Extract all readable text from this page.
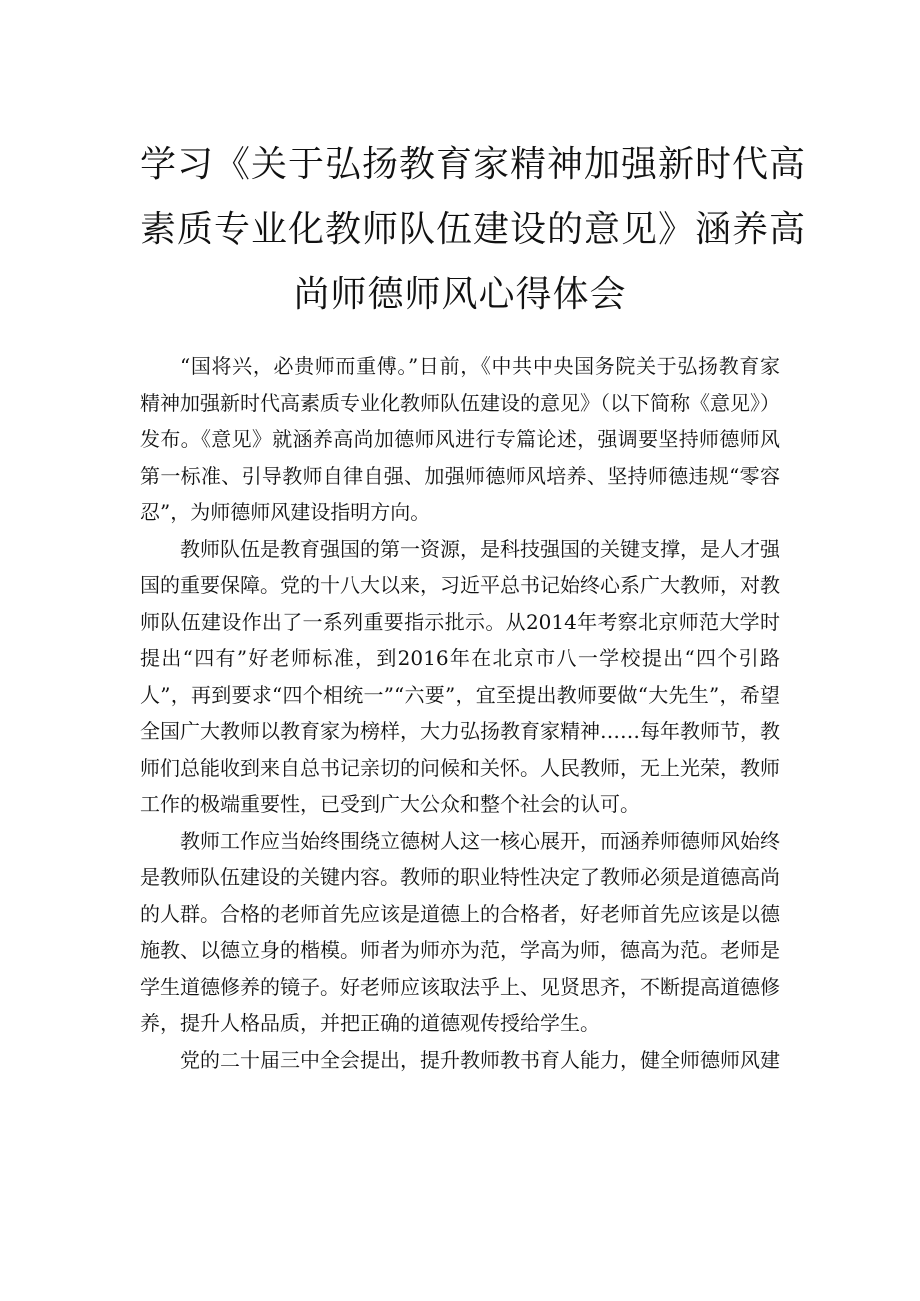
学习《关于弘扬教育家精神加强新时代高
素质专业化教师队伍建设的意见》涵养高
尚师德师风心得体会

“国将兴，必贵师而重傅。”日前，《中共中央国务院关于弘扬教育家精神加强新时代高素质专业化教师队伍建设的意见》（以下简称《意见》）发布。《意见》就涵养高尚加德师风进行专篇论述，强调要坚持师德师风第一标准、引导教师自律自强、加强师德师风培养、坚持师德违规“零容忍”，为师德师风建设指明方向。

教师队伍是教育强国的第一资源，是科技强国的关键支撑，是人才强国的重要保障。党的十八大以来，习近平总书记始终心系广大教师，对教师队伍建设作出了一系列重要指示批示。从2014年考察北京师范大学时提出“四有”好老师标准，到2016年在北京市八一学校提出“四个引路人”，再到要求“四个相统一”“六要”，宜至提出教师要做“大先生”，希望全国广大教师以教育家为榜样，大力弘扬教育家精神……每年教师节，教师们总能收到来自总书记亲切的问候和关怀。人民教师，无上光荣，教师工作的极端重要性，已受到广大公众和整个社会的认可。

教师工作应当始终围绕立德树人这一核心展开，而涵养师德师风始终是教师队伍建设的关键内容。教师的职业特性决定了教师必须是道德高尚的人群。合格的老师首先应该是道德上的合格者，好老师首先应该是以德施教、以德立身的楷模。师者为师亦为范，学高为师，德高为范。老师是学生道德修养的镜子。好老师应该取法乎上、见贤思齐，不断提高道德修养，提升人格品质，并把正确的道德观传授给学生。

党的二十届三中全会提出，提升教师教书育人能力，健全师德师风建
